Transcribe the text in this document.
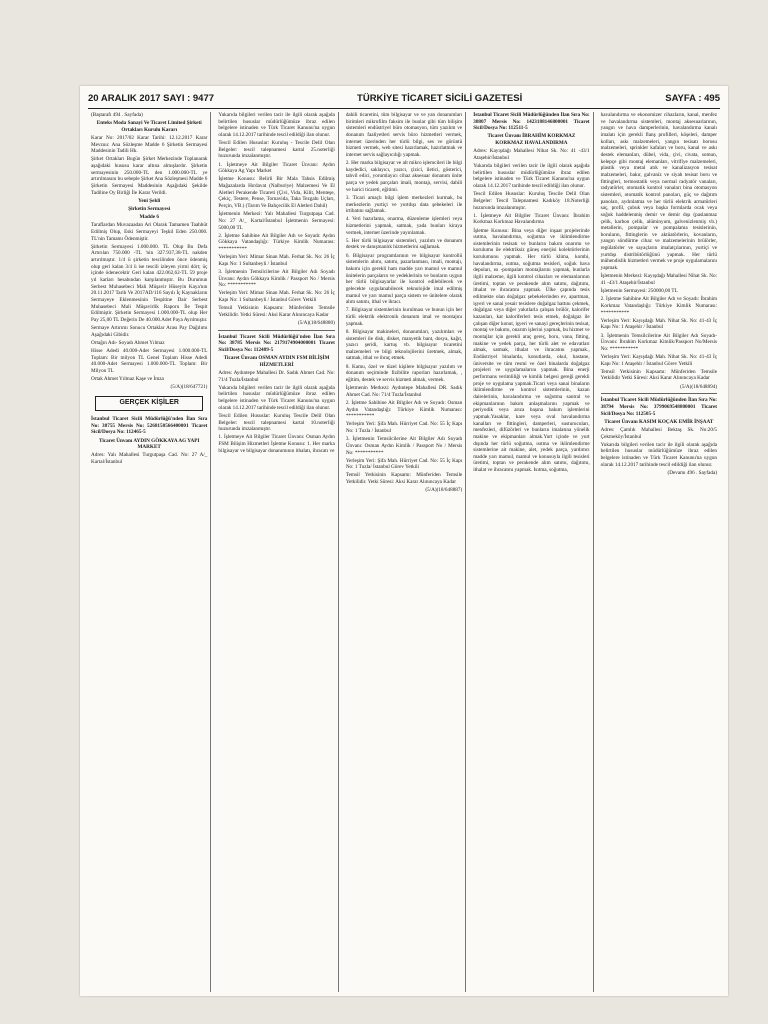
20 ARALIK 2017 SAYI : 9477	TÜRKİYE TİCARET SİCİLİ GAZETESİ	SAYFA : 495

(Baştarafı 494 . Sayfada)

Enteks Moda Sanayi Ve Ticaret Limited Şirketi Ortakları Kurulu Kararı

Karar No: 2017/02 Karar Tarihi: 12.12.2017 Karar Mevzuu: Ana Sözleşme Madde 6 Şirketin Sermayesi Maddesinin Tadili Hk.

Şirket Ortakları Bugün Şirket Merkezinde Toplanarak aşağıdaki hususu karar altına almışlardır. Şirketin sermayesinin 250.000-TL den 1.000.000-TL ye artırılmasını bu sebeple Şirket Ana Sözleşmesi Madde 6 Şirketin Sermayesi Maddesinin Aşağıdaki Şekilde Tadiline Oy Birliği İle Karar Verildi.

Yeni Şekli

Şirketin Sermayesi

Madde 6

Taraflardan Muvazaadan Ari Olarak Tamamen Taahhüt Edilmiş Olup, Eski Sermayeyi Teşkil Eden 250.000. TL'nin Tamamı Ödenmiştir.

Şirketin Sermayesi 1.000.000. TL Olup Bu Defa Artırılan 750.000 -TL 'nin 327.937,38-TL nakden artırılmıştır. 1/4 ü şirketin tescilinden önce ödenmiş olup geri kalan 3/4 ü ise tescili izleyen yirmi dört; üç içinde ödenecektir Geri kalan 422.062,62-TL 59 proje yıl karları hesabından karşılanmıştır. Bu Durumun Serbest Muhasebeci Mali Müşavir Hüseyin Kaya'nın 20.11.2017 Tarih Ve 2017AD/116 Sayılı İç Kaynakların Sermayeye Eklenmesinin Tespitine Dair Serbest Muhasebeci Mali Müşavirlik Raporu İle Tespit Edilmiştir. Şirketin Sermayesi 1.000.000-TL olup Her Pay 25,00 TL Değerin De 40.000.Adet Paya Ayrılmıştır.

Sermaye Artırımı Sonucu Ortaklar Arası Pay Dağılımı Aşağıdaki Gibidir.

Ortağın Adı- Soyadı Ahmet Yılmaz

Hisse Adedi 40.000-Adet Sermayesi 1.000.000-TL Toplam: Bir milyon TL Genel Toplam Hisse Adedi 40.000-Adet Sermayesi 1.000.000-TL Toplam: Bir Milyon TL

Ortak Ahmet Yılmaz Kaşe ve İmza

(5/A)(18/647721)

GERÇEK KİŞİLER

İstanbul Ticaret Sicili Müdürlüğü'nden İlan Sıra No: 38755 Mersis No: 5268150566400001 Ticaret Sicil/Dosya No: 112465-5

Ticaret Ünvanı AYDIN GÖKKAYA AG YAPI MARKET

Adres: Yalı Mahallesi Turgutpaşa Cad. No: 27 A/_ Kartal/İstanbul

Yukarıda bilgileri verilen tacir ile ilgili olarak aşağıda belirtilen hususlar müdürlüğümüze ibraz edilen belgelere istinaden ve Türk Ticaret Kanunu'na uygun olarak 14.12.2017 tarihinde tescil edildiği ilan olunur.

Tescil Edilen Hususlar: Kuruluş - Tescile Delil Olan Belgeler: tescil talepnamesi kartal 25.noterliği huzurunda imzalanmıştır.

1. İşletmeye Ait Bilgiler Ticaret Ünvanı: Aydın Gökkaya Ag Yapı Market

İşletme Konusu: Belirli Bir Mala Tahsis Edilmiş Mağazalarda Hırdavat (Nalburiye) Malzemesi Ve El Aletleri Perakende Ticareti (Çivi, Vida, Kilit, Menteşe, Çekiç, Testere, Pense, Tornavida, Taka Tezgahı Uçları, Perçin, VB.) (Tarım Ve Bahçecilik El Aletleri Dahil)

İşletmenin Merkezi: Yalı Mahallesi Turgutpaşa Cad. No: 27 A/_ Kartal/İstanbul İşletmenin Sermayesi: 5000,00 TL

2. İşletme Sahibine Ait Bilgiler Adı ve Soyadı: Aydın Gökkaya Vatandaşlığı: Türkiye Kimlik Numarası: ***********

Yerleşim Yeri: Mimar Sinan Mah. Ferhat Sk. No: 26 İç Kapı No: 1 Sultanbeyli / İstanbul

3. İşletmenin Temsilcilerine Ait Bilgiler Adı Soyadı Ünvanı: Aydın Gökkaya Kimlik / Passport No / Mersis No: ***********

Yerleşim Yeri: Mimar Sinan Mah. Ferhat Sk. No: 26 İç Kapı No: 1 Sultanbeyli / İstanbul Görev Yetkili

Temsil Yetkisinin Kapsamı: Münferiden Temsile Yetkilidir. Yetki Süresi: Aksi Karar Alınıncaya Kadar

(5/A)(18/648880)

İstanbul Ticaret Sicili Müdürlüğü'nden İlan Sıra No: 38785 Mersis No: 2179174904000001 Ticaret Sicil/Dosya No: 112489-5

Ticaret Ünvanı OSMAN AYDIN FSM BİLİŞİM HİZMETLERİ

Adres: Aydıntepe Mahallesi Dr. Sadık Ahmet Cad. No: 71/4 Tuzla/İstanbul

Yukarıda bilgileri verilen tacir ile ilgili olarak aşağıda belirtilen hususlar müdürlüğümüze ibraz edilen belgelere istinaden ve Türk Ticaret Kanunu'na uygun olarak 14.12.2017 tarihinde tescil edildiği ilan olunur.

Tescil Edilen Hususlar: Kuruluş Tescile Delil Olan Belgeler: tescil talepnamesi kartal 10.noterliği huzurunda imzalanmıştır.

1. İşletmeye Ait Bilgiler Ticaret Ünvanı: Osman Aydın FSM Bilişim Hizmetleri İşletme Konusu: 1. Her marka bilgisayar ve bilgisayar donanımının ithalatı, ihracatı ve

dahili ticaretini, tüm bilgisayar ve ve yan donanımları birimleri mikrofilm faksim ile bunlar gibi tüm bilişim sistemleri endüstriyel büro otomasyon, tüm yazılım ve donanım faaliyetleri servis büro hizmetleri vermek, internet üzerinden her türlü bilgi, ses ve görüntü hizmeti vermek, web sitesi hazırlamak, hazırlatmak ve internet servis sağlayıcılığı yapmak.

2. Her marka bilgisayar ve alt mikro işlemcileri ile bilgi kaydedici, saklayıcı, yazıcı, çizici, iletici, gösterici, tahvil edici, yorumlayıcı cihaz aksesuar donanım ünite parça ve yedek parçaları imali, montajı, servisi, dahili ve harici ticareti, eğitimi.

3. Ticari amaçlı bilgi işlem merkezleri kurmak, bu merkezlerin yurtiçi ve yurtdışı data şebekeleri ile irtibatını sağlamak.

4. Veri hazırlama, onarma, düzenleme işlemleri veya hizmetlerini yapmak, satmak, yada bunları kiraya vermek, internet üzerinde yayınlamak.

5. Her türlü bilgisayar sistemleri, yazılım ve donanım destek ve danışmanlık hizmetlerini sağlamak.

6. Bilgisayar programlarının ve bilgisayar kontrollü sistemlerin alımı, satımı, pazarlanması, imali, montajı, bakımı için gerekli ham madde yarı mamul ve mamul ünitelerin parçaların ve yedeklerinin ve bunların uygun her türlü bilgisayarlar ile kontrol edilebilecek ve gelecekte uygulanabilecek teknolojide imal edilmiş mamul ve yarı mamul parça sistem ve ünitelere olarak alım satımı, ithal ve ihracı.

7. Bilgisayar sistemlerinin kurulması ve bunun için her türlü elektrik elektronik donanım imal ve montajını yapmak.

8. Bilgisayar makineleri, donanımları, yazılımları ve sistemleri ile disk, disket, manyetik bant, dosya, kağıt, yazıcı şeridi, kartuş vb. bilgisayar ticaretini malzemeleri ve bilgi teknolojilerini üretmek, almak, satmak, ithal ve ihraç etmek.

8. Kamu, özel ve tüzel kişilere bilgisayar yazılım ve donanım seçiminde fizibilite raporları hazırlamak, , eğitim, destek ve servis hizmeti almak, vermek.

İşletmenin Merkezi: Aydıntepe Mahallesi DR. Sadık Ahmet Cad. No: 71/4 Tuzla/İstanbul

2. İşletme Sahibine Ait Bilgiler Adı ve Soyadı: Osman Aydın Vatandaşlığı: Türkiye Kimlik Numarası: ***********

Yerleşim Yeri: Şifa Mah. Hürriyet Cad. No: 55 İç Kapı No: 1 Tuzla / İstanbul

3. İşletmenin Temsilcilerine Ait Bilgiler Adı Soyadı Ünvanı: Osman Aydın Kimlik / Passport No / Mersis No: ***********

Yerleşim Yeri: Şifa Mah. Hürriyet Cad. No: 55 İç Kapı No: 1 Tuzla/ İstanbul Görev Yetkili

Temsil Yetkisinin Kapsamı: Münferiden Temsile Yetkilidir. Yetki Süresi: Aksi Karar Alınıncaya Kadar

(5/A)(18/648887)

İstanbul Ticaret Sicili Müdürlüğünden İlan Sıra No: 38807 Mersis No: 1423188146800001 Ticaret Sicil/Dosya No: 112511-5

Ticaret Ünvanı İBRAHİM KORKMAZ KORKMAZ HAVALANDIRMA

Adres: Kayışdağı Mahallesi Nihat Sk. No: 41 -43/1 Ataşehir/İstanbul

Yukarıda bilgileri verilen tacir ile ilgili olarak aşağıda belirtilen hususlar müdürlüğümüze ibraz edilen belgelere istinaden ve Türk Ticaret Kanunu'na uygun olarak 14.12.2017 tarihinde tescil edildiği ilan olunur.

Tescil Edilen Hususlar: Kuruluş Tescile Delil Olan Belgeler: Tescil Talepnamesi Kadıköy 18.Noterliği huzurunda imzalanmıştır.

1. İşletmeye Ait Bilgiler Ticaret Ünvanı: İbrahim Korkmaz Korkmaz Havalandırma

İşletme Konusu: Bina veya diğer inşaat projelerinde ısıtma, havalandırma, soğutma ve iklimlendirme sistemlerinin tesisatı ve bunların bakım onarımı ve kurulumu ile elektriksiz güneş enerjisi kolektörlerinin kurulumunu yapmak. Her türlü klima, kombi, havalandırma, ısıtma, soğutma tesisleri, soğuk hava depoları, ısı -pompaları montajlarını yapmak, bunlarla ilgili malzeme, ilgili kontrol cihazları ve elemanlarının üretimi, toptan ve perakende alım satımı, dağıtımı, ithalat ve ihracatını yapmak. Ülke çapında tesis edilmekte olan doğalgaz şebekelerinden ev, apartman, işyeri ve sanai yesair tesislere doğalgaz hattını çekmek, doğalgaz veya diğer yakıtlarla çalışan brülör, kalorifer kazanları, kat kaloriferleri tesis etmek, doğalgaz ile çalışan diğer konut, işyeri ve sanayi gereçlerinin tesisat, montaj ve bakımı, onarım işlerini yapmak, bu hizmet ve montajlar için gerekli araç gereç, boru, vana, fitting, makine ve yedek parça, her türlü alet ve edavatları almak, satmak, ithalat ve ihracatını yapmak., Endüstriyel binalarda, konutlarda, okul, hastane, üniversite ve tüm resmi ve özel binalarda doğalgaz projeleri ve uygulamalarını yapmak. Bina enerji performans verimliliği ve kimlik belgesi gereği gerekli proje ve uygulama yapmak.Ticari veya sanai binaların iklimlendirme ve kontrol sistemlerinin, kazan dairelerinin, havalandırma ve soğutma santral ve ekipmanlarının bakım anlaşmalarını yapmak ve periyodik veya arıza başına bakım işlemlerini yapmak.Yasaklar, kare veya oval havalandırma kanalları ve fittingleri, damperleri, susturucuları, menfezleri, difüzörleri ve bunların imalatına yönelik makine ve ekipmanları almak.Yurt içinde ve yurt dışında her türlü soğutma, ısıtma ve iklimlendirme sistemlerine ait makine, alet, yedek parça, yardımcı madde yarı mamul, mamul ve konusuyla ilgili tesisleri üretimi, toptan ve perakende alım satımı, dağıtımı, ithalat ve ihracatını yapmak. Isıtma, soğutma,

havalandırma ve ekonomizer cihazların, kanal, menfez ve havalandırma sistemleri, montaj aksesuarlarının, yangın ve hava damperlerinin, havalandırma kanalı imalatı için gerekli flanş profilleri, köşeleri, damper kolları, askı malzemeleri, yangın tesisatı borusu malzemeleri, sprinkler kafaları ve boru, kanal ve askı destek elemanları, dübel, vida, çivi, civata, somun, kelepçe gibi montaj elemanları, vitrifiye malzemeleri, plastik veya metal atık ve kanalizasyon tesisat malzemeleri, bakır, galvaniz ve siyah tesisat boru ve fittingleri, termostatik veya normal radyatör vanaları, radyatörler, otomatik kontrol vanaları bina otomasyon sistemleri, otomatik kontrol panoları, güç ve dağıtım panoları, aydınlatma ve her türlü elektrik armatürleri saç, profil, çubuk veya başka formlarda ocak veya soğuk haddelenmiş demir ve demir dışı (paslanmaz çelik, karbon çelik, alüminyum, galvenizlenmiş vb.) metallerin, pompalar ve pompalama tesislerinin, boruların, fittinglerin ve aktüatörlerin, kovanların, yangın söndürme cihaz ve malzemelerinin brülörler, regülatörler ve sayaçların imalatçılarının, yurtiçi ve yurtdışı distribütörlüğünü yapmak. Her türlü mühendislik hizmetleri vermek ve proje uygulamalarını yapmak.

İşletmenin Merkezi: Kayışdağı Mahallesi Nihat Sk. No: 41 -43/1 Ataşehir/İstanbul

İşletmenin Sermayesi: 250000,00 TL

2. İşletme Sahibine Ait Bilgiler Adı ve Soyadı: İbrahim Korkmaz Vatandaşlığı: Türkiye Kimlik Numarası: ***********

Yerleşim Yeri: Kayışdağı Mah. Nihat Sk. No: 41-43 İç Kapı No: 1 Ataşehir / İstanbul

3. İşletmenin Temsilcilerine Ait Bilgiler Adı Soyadı-Ünvanı: İbrahim Korkmaz Kimlik/Passport No/Mersis No: ***********

Yerleşim Yeri: Kayışdağı Mah. Nihat Sk. No: 41-43 İç Kapı No: 1 Ataşehir / İstanbul Görev Yetkili

Temsil Yetkisinin Kapsamı: Münferiden Temsile Yetkilidir Yetki Süresi: Aksi Karar Alınıncaya Kadar

(5/A)(18/648894)

İstanbul Ticaret Sicili Müdürlüğünden İlan Sıra No: 38794 Mersis No: 3799069548800001 Ticaret Sicil/Dosya No: 112505-5

Ticaret Ünvanı KASIM KOÇAK EMİR İNŞAAT

Adres: Çamlık Mahallesi Bektaş Sk. No:20/5 Çekmeköy/İstanbul

Yukarıda bilgileri verilen tacir ile ilgili olarak aşağıda belirtilen hususlar müdürlüğümüze ibraz edilen belgelere istinaden ve Türk Ticaret Kanunu'na uygun olarak 14.12.2017 tarihinde tescil edildiği ilan olunur.

(Devamı 496 . Sayfada)
